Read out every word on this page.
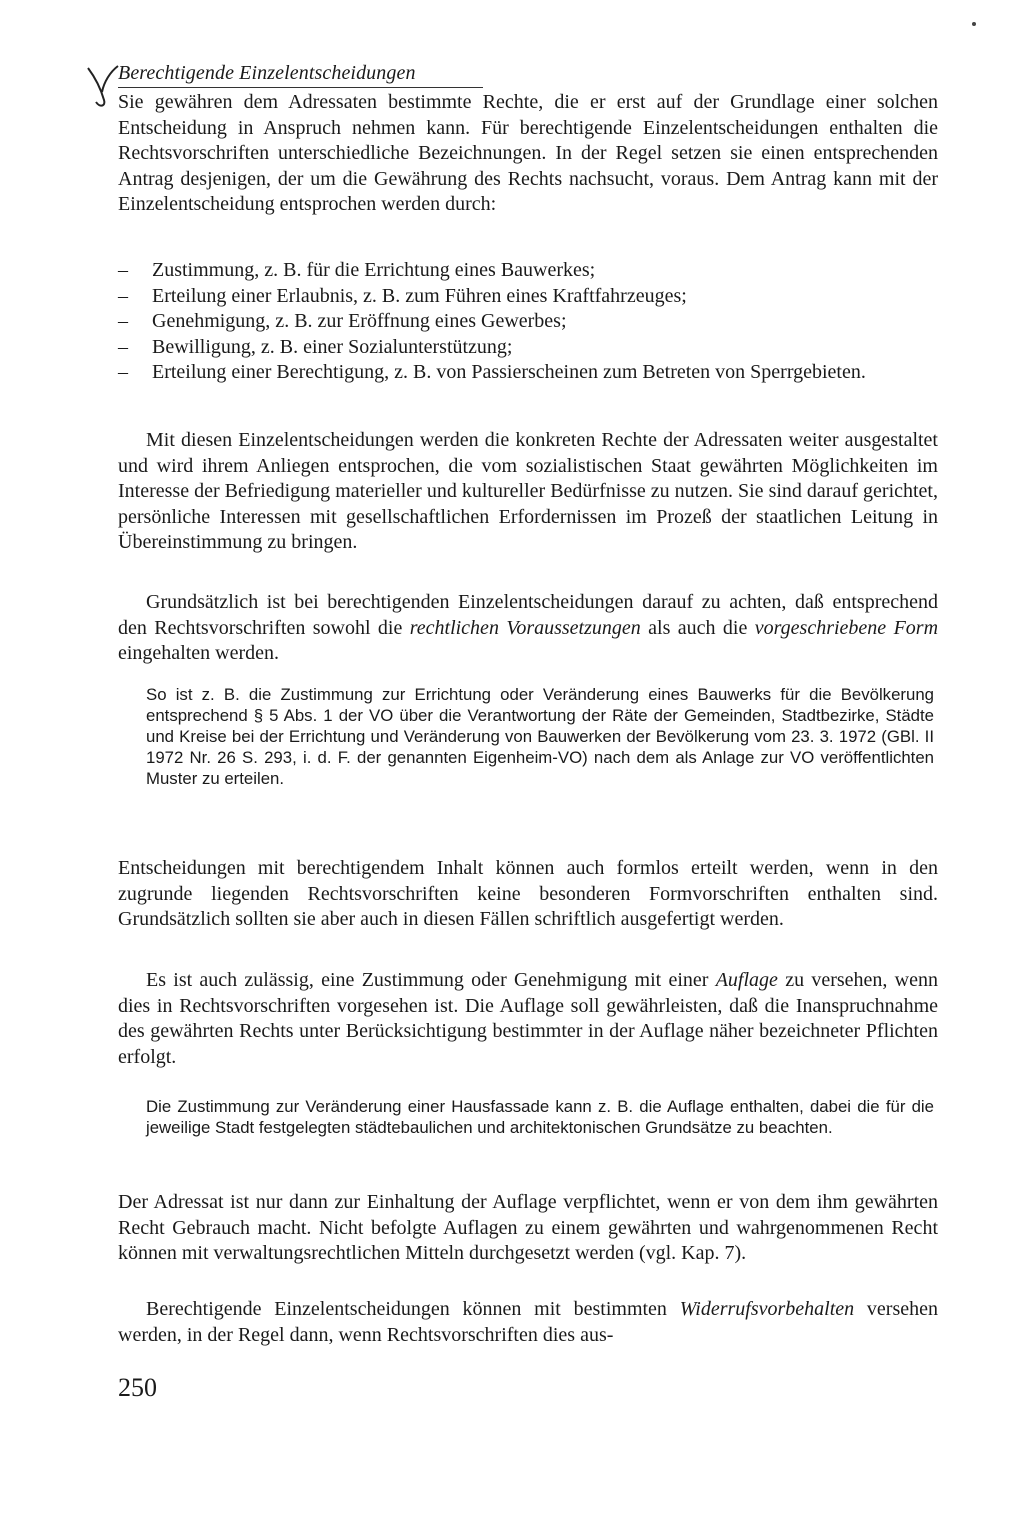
Berechtigende Einzelentscheidungen

Sie gewähren dem Adressaten bestimmte Rechte, die er erst auf der Grundlage einer solchen Entscheidung in Anspruch nehmen kann. Für berechtigende Einzelentscheidungen enthalten die Rechtsvorschriften unterschiedliche Bezeichnungen. In der Regel setzen sie einen entsprechenden Antrag desjenigen, der um die Gewährung des Rechts nachsucht, voraus. Dem Antrag kann mit der Einzelentscheidung entsprochen werden durch:

– Zustimmung, z. B. für die Errichtung eines Bauwerkes;
– Erteilung einer Erlaubnis, z. B. zum Führen eines Kraftfahrzeuges;
– Genehmigung, z. B. zur Eröffnung eines Gewerbes;
– Bewilligung, z. B. einer Sozialunterstützung;
– Erteilung einer Berechtigung, z. B. von Passierscheinen zum Betreten von Sperrgebieten.

Mit diesen Einzelentscheidungen werden die konkreten Rechte der Adressaten weiter ausgestaltet und wird ihrem Anliegen entsprochen, die vom sozialistischen Staat gewährten Möglichkeiten im Interesse der Befriedigung materieller und kultureller Bedürfnisse zu nutzen. Sie sind darauf gerichtet, persönliche Interessen mit gesellschaftlichen Erfordernissen im Prozeß der staatlichen Leitung in Übereinstimmung zu bringen.

Grundsätzlich ist bei berechtigenden Einzelentscheidungen darauf zu achten, daß entsprechend den Rechtsvorschriften sowohl die rechtlichen Voraussetzungen als auch die vorgeschriebene Form eingehalten werden.

So ist z. B. die Zustimmung zur Errichtung oder Veränderung eines Bauwerks für die Bevölkerung entsprechend § 5 Abs. 1 der VO über die Verantwortung der Räte der Gemeinden, Stadtbezirke, Städte und Kreise bei der Errichtung und Veränderung von Bauwerken der Bevölkerung vom 23. 3. 1972 (GBl. II 1972 Nr. 26 S. 293, i. d. F. der genannten Eigenheim-VO) nach dem als Anlage zur VO veröffentlichten Muster zu erteilen.

Entscheidungen mit berechtigendem Inhalt können auch formlos erteilt werden, wenn in den zugrunde liegenden Rechtsvorschriften keine besonderen Formvorschriften enthalten sind. Grundsätzlich sollten sie aber auch in diesen Fällen schriftlich ausgefertigt werden.

Es ist auch zulässig, eine Zustimmung oder Genehmigung mit einer Auflage zu versehen, wenn dies in Rechtsvorschriften vorgesehen ist. Die Auflage soll gewährleisten, daß die Inanspruchnahme des gewährten Rechts unter Berücksichtigung bestimmter in der Auflage näher bezeichneter Pflichten erfolgt.

Die Zustimmung zur Veränderung einer Hausfassade kann z. B. die Auflage enthalten, dabei die für die jeweilige Stadt festgelegten städtebaulichen und architektonischen Grundsätze zu beachten.

Der Adressat ist nur dann zur Einhaltung der Auflage verpflichtet, wenn er von dem ihm gewährten Recht Gebrauch macht. Nicht befolgte Auflagen zu einem gewährten und wahrgenommenen Recht können mit verwaltungsrechtlichen Mitteln durchgesetzt werden (vgl. Kap. 7).

Berechtigende Einzelentscheidungen können mit bestimmten Widerrufsvorbehalten versehen werden, in der Regel dann, wenn Rechtsvorschriften dies aus-

250
